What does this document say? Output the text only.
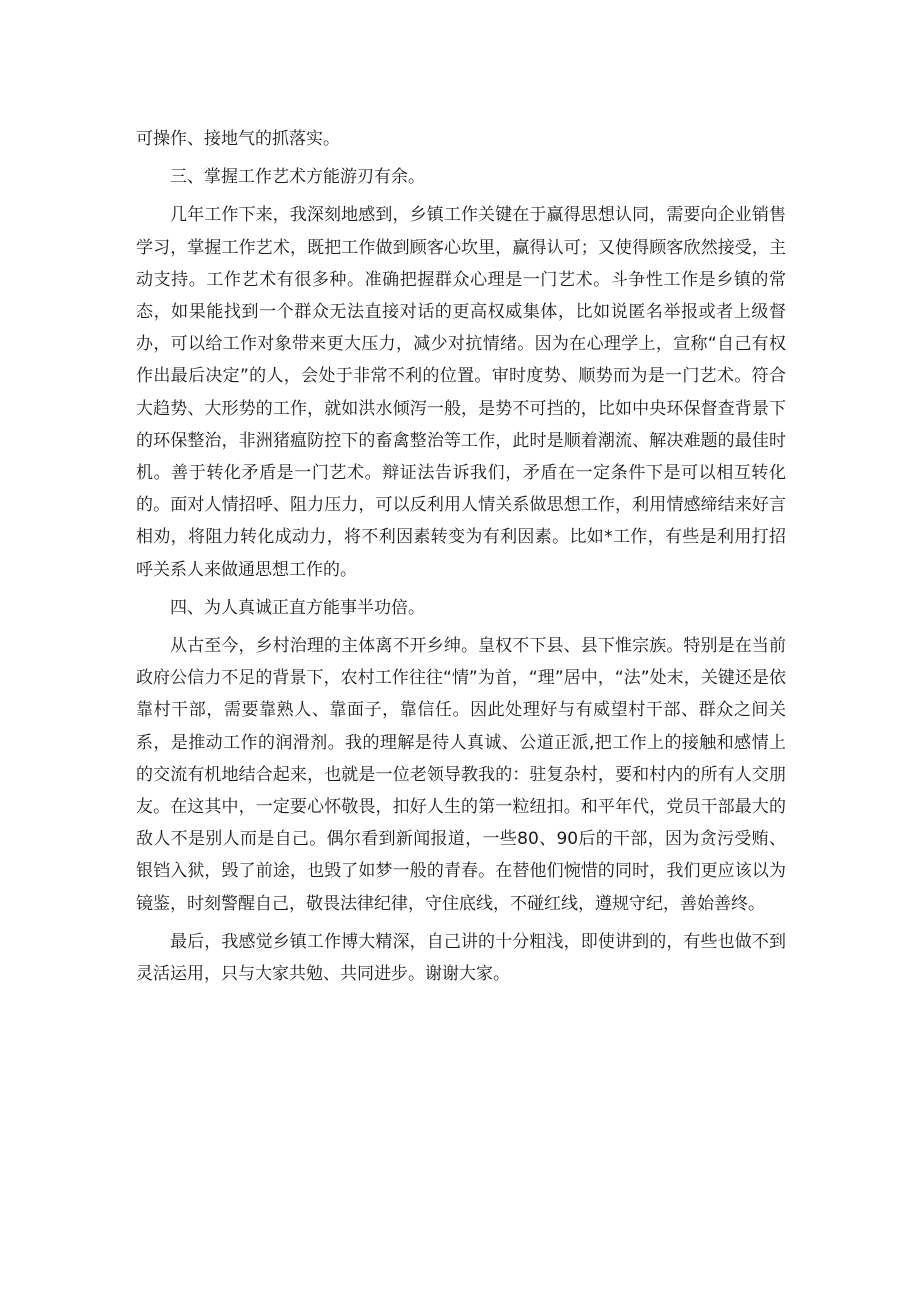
可操作、接地气的抓落实。

三、掌握工作艺术方能游刃有余。

几年工作下来，我深刻地感到，乡镇工作关键在于赢得思想认同，需要向企业销售学习，掌握工作艺术，既把工作做到顾客心坎里，赢得认可；又使得顾客欣然接受，主动支持。工作艺术有很多种。准确把握群众心理是一门艺术。斗争性工作是乡镇的常态，如果能找到一个群众无法直接对话的更高权威集体，比如说匿名举报或者上级督办，可以给工作对象带来更大压力，减少对抗情绪。因为在心理学上，宣称“自己有权作出最后决定”的人，会处于非常不利的位置。审时度势、顺势而为是一门艺术。符合大趋势、大形势的工作，就如洪水倾泻一般，是势不可挡的，比如中央环保督查背景下的环保整治，非洲猪瘟防控下的畜禽整治等工作，此时是顺着潮流、解决难题的最佳时机。善于转化矛盾是一门艺术。辩证法告诉我们，矛盾在一定条件下是可以相互转化的。面对人情招呼、阻力压力，可以反利用人情关系做思想工作，利用情感缔结来好言相劝，将阻力转化成动力，将不利因素转变为有利因素。比如*工作，有些是利用打招呼关系人来做通思想工作的。

四、为人真诚正直方能事半功倍。

从古至今，乡村治理的主体离不开乡绅。皇权不下县、县下惟宗族。特别是在当前政府公信力不足的背景下，农村工作往往“情”为首，“理”居中，“法”处末，关键还是依靠村干部，需要靠熟人、靠面子，靠信任。因此处理好与有威望村干部、群众之间关系，是推动工作的润滑剂。我的理解是待人真诚、公道正派,把工作上的接触和感情上的交流有机地结合起来，也就是一位老领导教我的：驻复杂村，要和村内的所有人交朋友。在这其中，一定要心怀敬畏，扣好人生的第一粒纽扣。和平年代，党员干部最大的敌人不是别人而是自己。偶尔看到新闻报道，一些80、90后的干部，因为贪污受贿、银铛入狱，毁了前途，也毁了如梦一般的青春。在替他们惋惜的同时，我们更应该以为镜鉴，时刻警醒自己，敬畏法律纪律，守住底线，不碰红线，遵规守纪，善始善终。

最后，我感觉乡镇工作博大精深，自己讲的十分粗浅，即使讲到的，有些也做不到灵活运用，只与大家共勉、共同进步。谢谢大家。
